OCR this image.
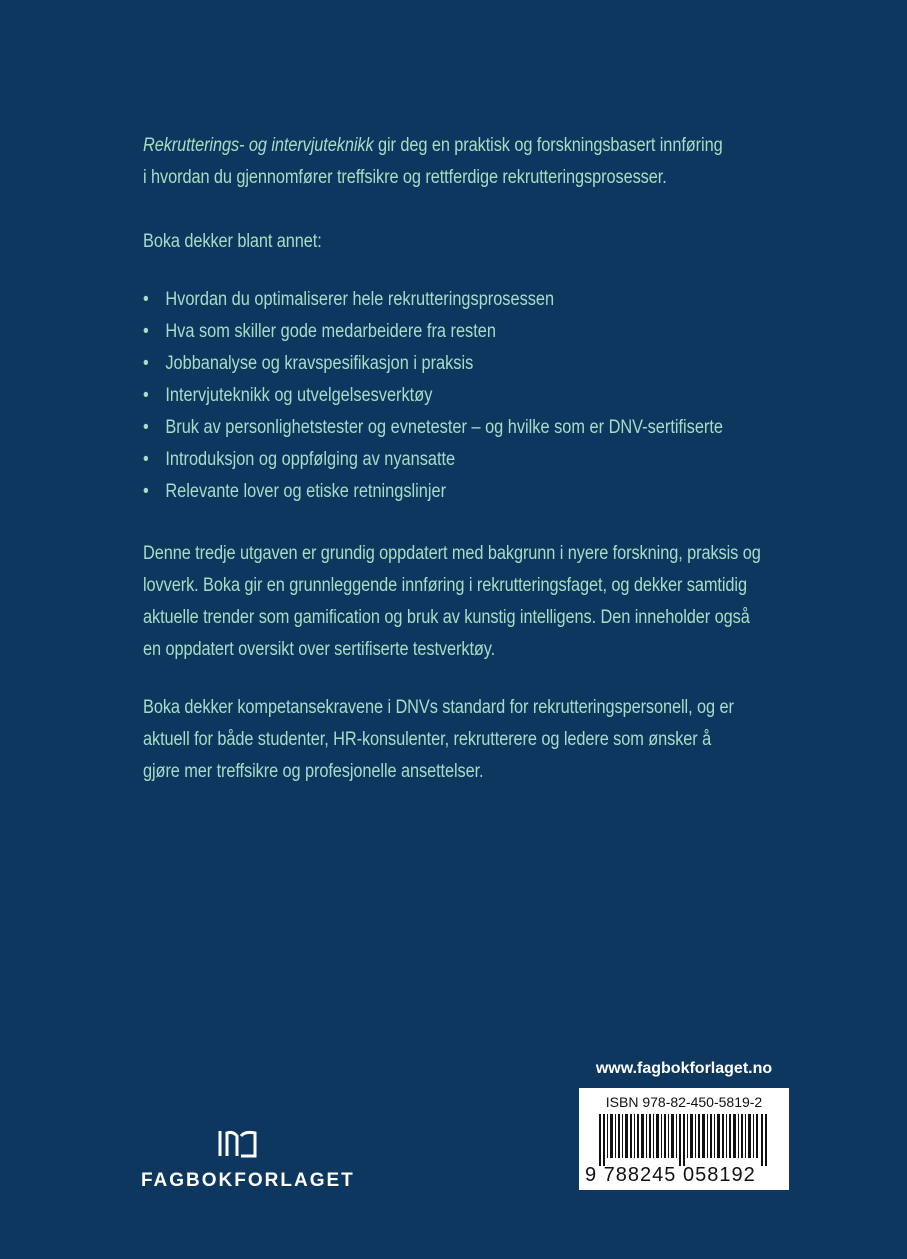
Rekrutterings- og intervjuteknikk gir deg en praktisk og forskningsbasert innføring
i hvordan du gjennomfører treffsikre og rettferdige rekrutteringsprosesser.
Boka dekker blant annet:
• Hvordan du optimaliserer hele rekrutteringsprosessen
• Hva som skiller gode medarbeidere fra resten
• Jobbanalyse og kravspesifikasjon i praksis
• Intervjuteknikk og utvelgelsesverktøy
• Bruk av personlighetstester og evnetester – og hvilke som er DNV-sertifiserte
• Introduksjon og oppfølging av nyansatte
• Relevante lover og etiske retningslinjer
Denne tredje utgaven er grundig oppdatert med bakgrunn i nyere forskning, praksis og
lovverk. Boka gir en grunnleggende innføring i rekrutteringsfaget, og dekker samtidig
aktuelle trender som gamification og bruk av kunstig intelligens. Den inneholder også
en oppdatert oversikt over sertifiserte testverktøy.
Boka dekker kompetansekravene i DNVs standard for rekrutteringspersonell, og er
aktuell for både studenter, HR-konsulenter, rekrutterere og ledere som ønsker å
gjøre mer treffsikre og profesjonelle ansettelser.
www.fagbokforlaget.no
ISBN 978-82-450-5819-2
9 788245 058192
FAGBOKFORLAGET
